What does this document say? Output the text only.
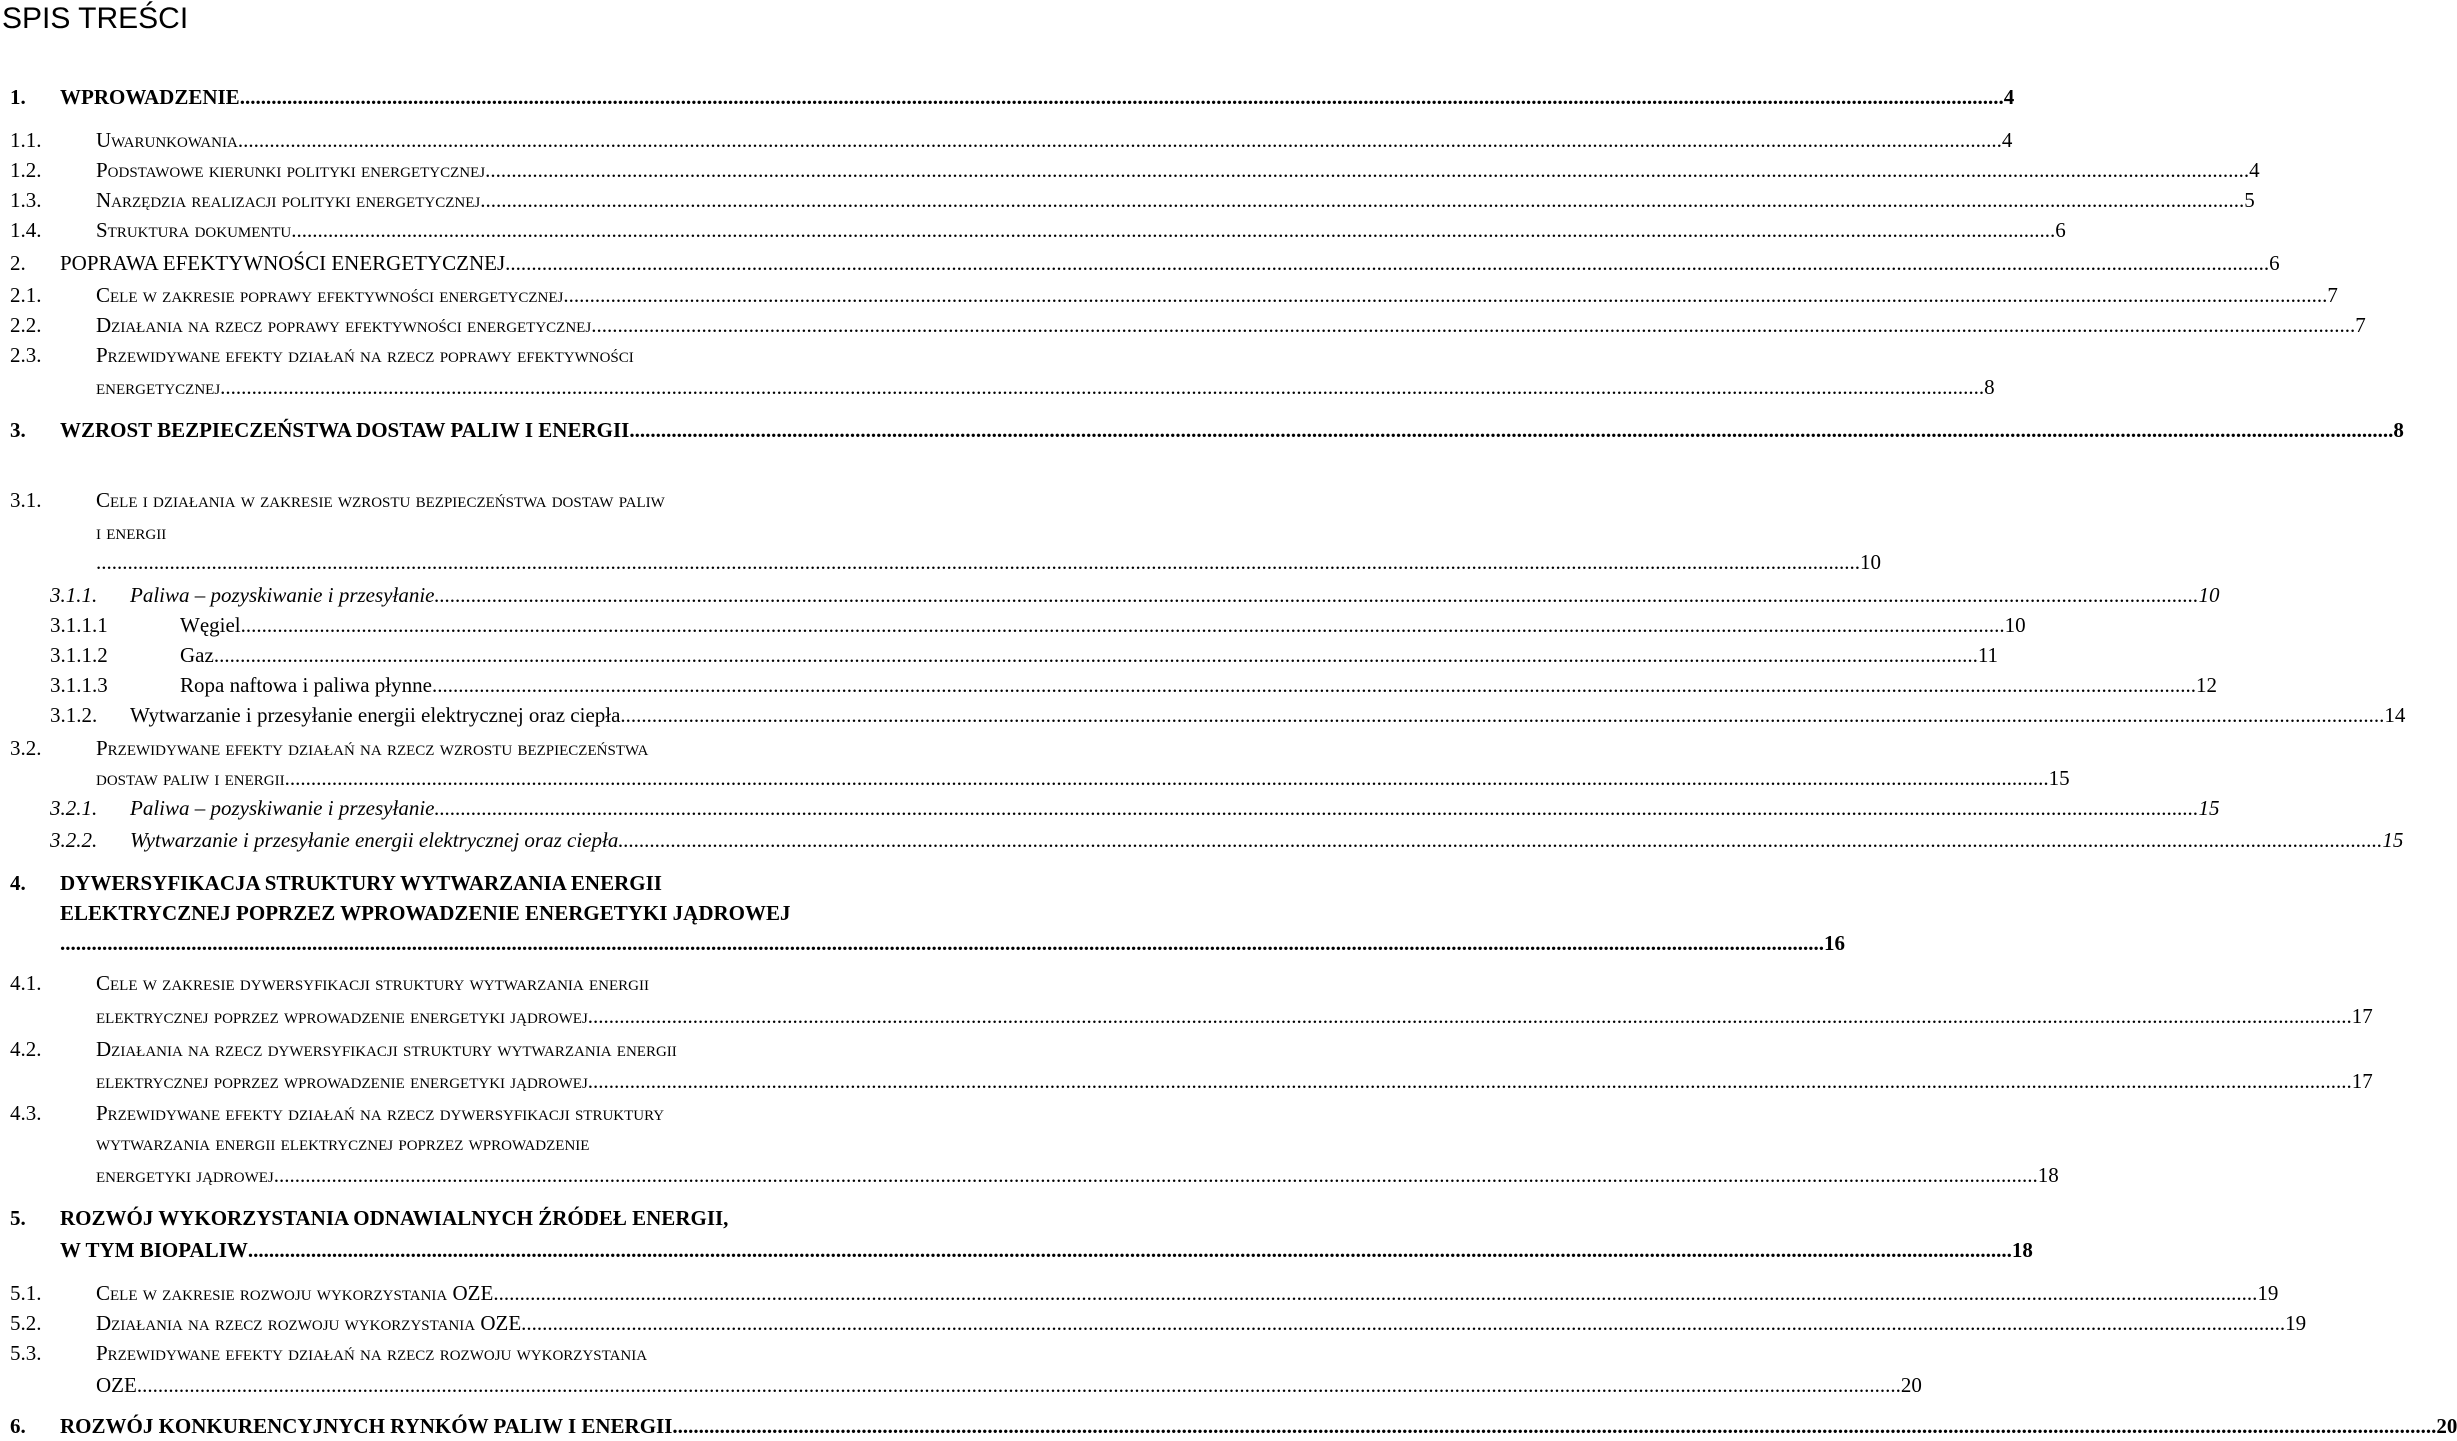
SPIS TREŚCI
1. WPROWADZENIE .....	4
1.1.	Uwarunkowania .....	4
1.2.	Podstawowe kierunki polityki energetycznej .....	4
1.3.	Narzędzia realizacji polityki energetycznej .....	5
1.4.	Struktura dokumentu .....	6
2. POPRAWA EFEKTYWNOŚCI ENERGETYCZNEJ .....	6
2.1.	Cele w zakresie poprawy efektywności energetycznej .....	7
2.2.	Działania na rzecz poprawy efektywności energetycznej .....	7
2.3.	Przewidywane efekty działań na rzecz poprawy efektywności
energetycznej .....	8
3. WZROST BEZPIECZEŃSTWA DOSTAW PALIW I ENERGII .....	8
3.1.	Cele i działania w zakresie wzrostu bezpieczeństwa dostaw paliw
i energii
.....
10
3.1.1. Paliwa – pozyskiwanie i przesyłanie .....	10
3.1.1.1	Węgiel .....	10
3.1.1.2	Gaz .....	11
3.1.1.3	Ropa naftowa i paliwa płynne .....	12
3.1.2. Wytwarzanie i przesyłanie energii elektrycznej oraz ciepła .....	14
3.2.	Przewidywane efekty działań na rzecz wzrostu bezpieczeństwa
dostaw paliw i energii .....	15
3.2.1. Paliwa – pozyskiwanie i przesyłanie .....	15
3.2.2. Wytwarzanie i przesyłanie energii elektrycznej oraz ciepła .....	15
4. DYWERSYFIKACJA STRUKTURY WYTWARZANIA ENERGII
ELEKTRYCZNEJ POPRZEZ WPROWADZENIE ENERGETYKI JĄDROWEJ
.....
16
4.1.	Cele w zakresie dywersyfikacji struktury wytwarzania energii
elektrycznej poprzez wprowadzenie energetyki jądrowej .....	17
4.2.	Działania na rzecz dywersyfikacji struktury wytwarzania energii
elektrycznej poprzez wprowadzenie energetyki jądrowej .....	17
4.3.	Przewidywane efekty działań na rzecz dywersyfikacji struktury
wytwarzania energii elektrycznej poprzez wprowadzenie
energetyki jądrowej .....	18
5. ROZWÓJ WYKORZYSTANIA ODNAWIALNYCH ŹRÓDEŁ ENERGII,
W TYM BIOPALIW .....	18
5.1.	Cele w zakresie rozwoju wykorzystania OZE .....	19
5.2.	Działania na rzecz rozwoju wykorzystania OZE .....	19
5.3.	Przewidywane efekty działań na rzecz rozwoju wykorzystania
OZE .....	20
6. ROZWÓJ KONKURENCYJNYCH RYNKÓW PALIW I ENERGII .....	20
